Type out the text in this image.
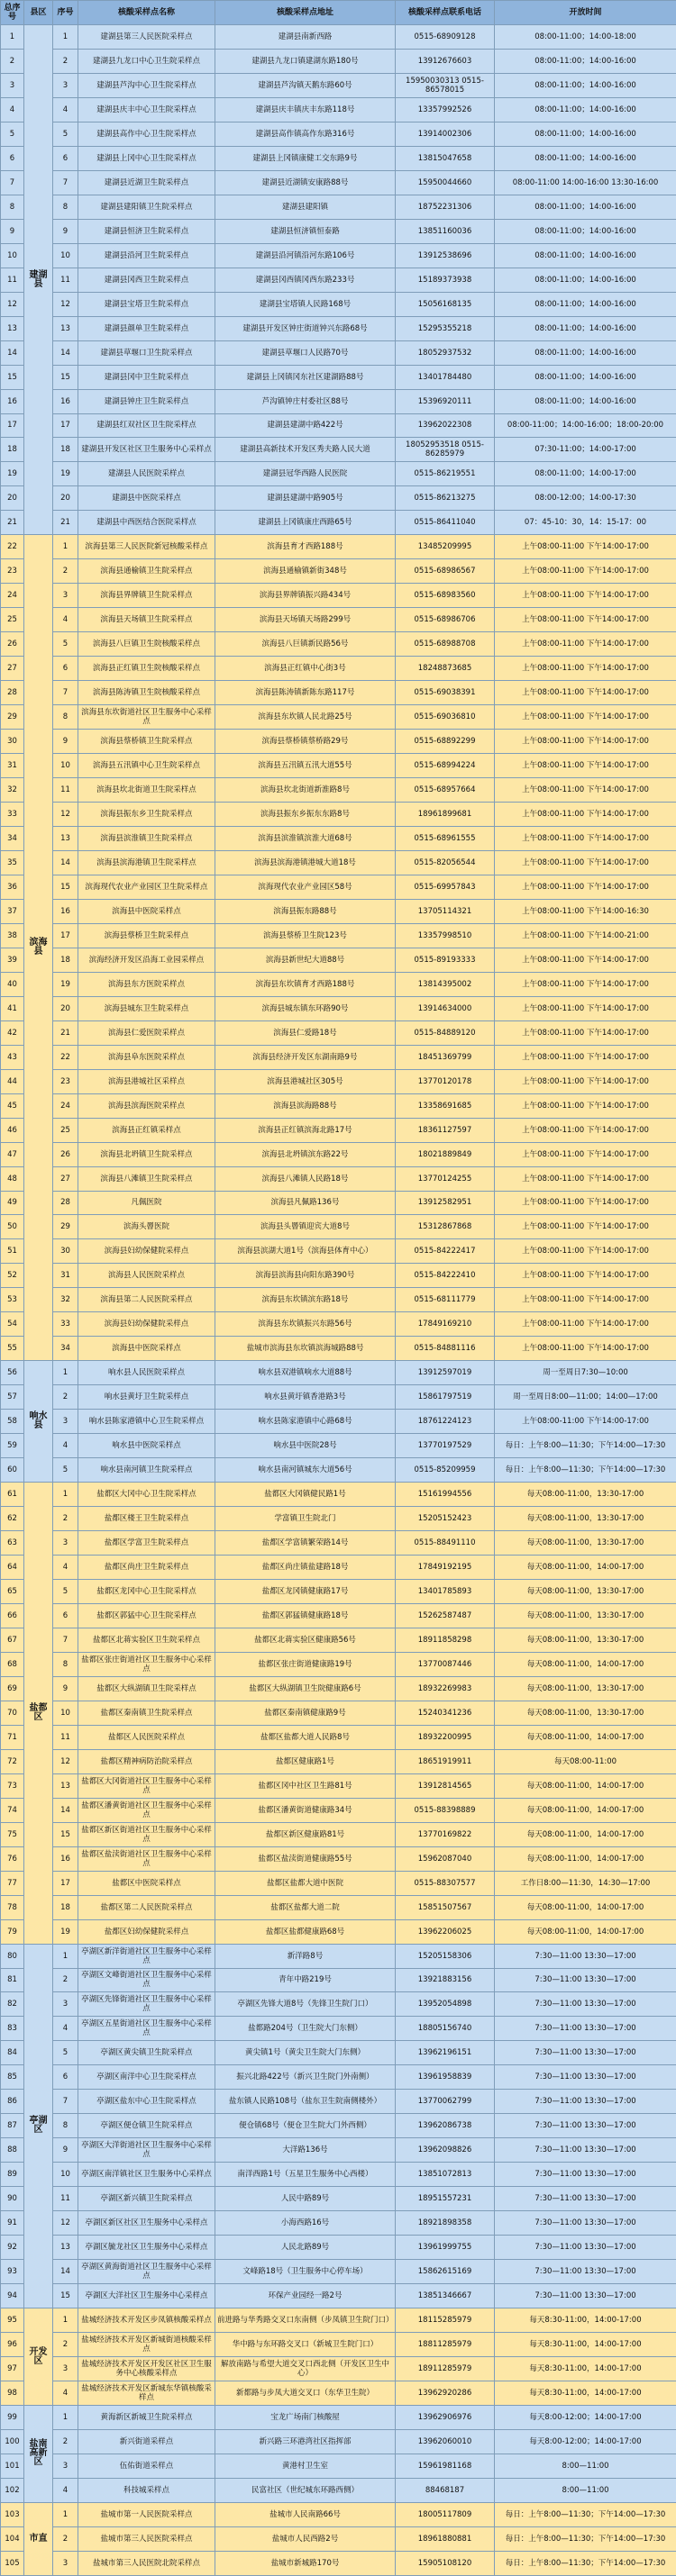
总序号	县区	序号	核酸采样点名称	核酸采样点地址	核酸采样点联系电话	开放时间
1	建湖县	1	建湖县第三人民医院采样点	建湖县南新西路	0515-68909128	08:00-11:00；14:00-18:00
2		2	建湖县九龙口中心卫生院采样点	建湖县九龙口镇建湖东路180号	13912676603	08:00-11:00；14:00-16:00
3		3	建湖县芦沟中心卫生院采样点	建湖县芦沟镇天鹅东路60号	15950030313 0515-86578015	08:00-11:00；14:00-16:00
4		4	建湖县庆丰中心卫生院采样点	建湖县庆丰镇庆丰东路118号	13357992526	08:00-11:00；14:00-16:00
5		5	建湖县高作中心卫生院采样点	建湖县高作镇高作东路316号	13914002306	08:00-11:00；14:00-16:00
6		6	建湖县上冈中心卫生院采样点	建湖县上冈镇康健工交东路9号	13815047658	08:00-11:00；14:00-16:00
7		7	建湖县近湖卫生院采样点	建湖县近湖镇安康路88号	15950044660	08:00-11:00 14:00-16:00 13:30-16:00
8		8	建湖县建阳镇卫生院采样点	建湖县建阳镇	18752231306	08:00-11:00；14:00-16:00
9		9	建湖县恒济卫生院采样点	建湖县恒济镇恒泰路	13851160036	08:00-11:00；14:00-16:00
10		10	建湖县沿河卫生院采样点	建湖县沿河镇沿河东路106号	13912538696	08:00-11:00；14:00-16:00
11		11	建湖县冈西卫生院采样点	建湖县冈西镇冈西东路233号	15189373938	08:00-11:00；14:00-16:00
12		12	建湖县宝塔卫生院采样点	建湖县宝塔镇人民路168号	15056168135	08:00-11:00；14:00-16:00
13		13	建湖县颜单卫生院采样点	建湖县开发区钟庄街道钟兴东路68号	15295355218	08:00-11:00；14:00-16:00
14		14	建湖县草堰口卫生院采样点	建湖县草堰口人民路70号	18052937532	08:00-11:00；14:00-16:00
15		15	建湖县冈中卫生院采样点	建湖县上冈镇冈东社区建湖路88号	13401784480	08:00-11:00；14:00-16:00
16		16	建湖县钟庄卫生院采样点	芦沟镇钟庄村委社区88号	15396920111	08:00-11:00；14:00-16:00
17		17	建湖县红双社区卫生院采样点	建湖县建湖中路422号	13962022308	08:00-11:00；14:00-16:00；18:00-20:00
18		18	建湖县开发区社区卫生服务中心采样点	建湖县高新技术开发区秀夫路人民大道	18052953518 0515-86285979	07:30-11:00；14:00-17:00
19		19	建湖县人民医院采样点	建湖县冠华西路人民医院	0515-86219551	08:00-11:00；14:00-17:00
20		20	建湖县中医院采样点	建湖县建湖中路905号	0515-86213275	08:00-12:00；14:00-17:30
21		21	建湖县中西医结合医院采样点	建湖县上冈镇康庄西路65号	0515-86411040	07：45-10：30，14：15-17：00
22	滨海县	1	滨海县第三人民医院新冠核酸采样点	滨海县育才西路188号	13485209995	上午08:00-11:00 下午14:00-17:00
23		2	滨海县通榆镇卫生院采样点	滨海县通榆镇新街348号	0515-68986567	上午08:00-11:00 下午14:00-17:00
24		3	滨海县界牌镇卫生院采样点	滨海县界牌镇振兴路434号	0515-68983560	上午08:00-11:00 下午14:00-17:00
25		4	滨海县天场镇卫生院采样点	滨海县天场镇天场路299号	0515-68986706	上午08:00-11:00 下午14:00-17:00
26		5	滨海县八巨镇卫生院核酸采样点	滨海县八巨镇新民路56号	0515-68988708	上午08:00-11:00 下午14:00-17:00
27		6	滨海县正红镇卫生院核酸采样点	滨海县正红镇中心街3号	18248873685	上午08:00-11:00 下午14:00-17:00
28		7	滨海县陈涛镇卫生院核酸采样点	滨海县陈涛镇新陈东路117号	0515-69038391	上午08:00-11:00 下午14:00-17:00
29		8	滨海县东坎街道社区卫生服务中心采样点	滨海县东坎镇人民北路25号	0515-69036810	上午08:00-11:00 下午14:00-17:00
30		9	滨海县蔡桥镇卫生院采样点	滨海县蔡桥镇蔡桥路29号	0515-68892299	上午08:00-11:00 下午14:00-17:00
31		10	滨海县五汛镇中心卫生院采样点	滨海县五汛镇五汛大道55号	0515-68994224	上午08:00-11:00 下午14:00-17:00
32		11	滨海县坎北街道卫生院采样点	滨海县坎北街道新淮路8号	0515-68957664	上午08:00-11:00 下午14:00-17:00
33		12	滨海县振东乡卫生院采样点	滨海县振东乡振东东路8号	18961899681	上午08:00-11:00 下午14:00-17:00
34		13	滨海县滨淮镇卫生院采样点	滨海县滨淮镇滨淮大道68号	0515-68961555	上午08:00-11:00 下午14:00-17:00
35		14	滨海县滨海港镇卫生院采样点	滨海县滨海港镇港城大道18号	0515-82056544	上午08:00-11:00 下午14:00-17:00
36		15	滨海现代农业产业园区卫生院采样点	滨海现代农业产业园区58号	0515-69957843	上午08:00-11:00 下午14:00-17:00
37		16	滨海县中医院采样点	滨海县振东路88号	13705114321	上午08:00-11:00 下午14:00-16:30
38		17	滨海县蔡桥卫生院采样点	滨海县蔡桥卫生院123号	13357998510	上午08:00-11:00 下午14:00-21:00
39		18	滨海经济开发区沿海工业园采样点	滨海县新世纪大道88号	0515-89193333	上午08:00-11:00 下午14:00-17:00
40		19	滨海县东方医院采样点	滨海县东坎镇育才西路188号	13814395002	上午08:00-11:00 下午14:00-17:00
41		20	滨海县城东卫生院采样点	滨海县城东镇东环路90号	13914634000	上午08:00-11:00 下午14:00-17:00
42		21	滨海县仁爱医院采样点	滨海县仁爱路18号	0515-84889120	上午08:00-11:00 下午14:00-17:00
43		22	滨海县阜东医院采样点	滨海县经济开发区东湖南路9号	18451369799	上午08:00-11:00 下午14:00-17:00
44		23	滨海县港城社区采样点	滨海县港城社区305号	13770120178	上午08:00-11:00 下午14:00-17:00
45		24	滨海县滨海医院采样点	滨海县滨海路88号	13358691685	上午08:00-11:00 下午14:00-17:00
46		25	滨海县正红镇采样点	滨海县正红镇滨海北路17号	18361127597	上午08:00-11:00 下午14:00-17:00
47		26	滨海县北坍镇卫生院采样点	滨海县北坍镇滨东路22号	18021889849	上午08:00-11:00 下午14:00-17:00
48		27	滨海县八滩镇卫生院采样点	滨海县八滩镇人民路18号	13770124255	上午08:00-11:00 下午14:00-17:00
49		28	凡佩医院	滨海县凡佩路136号	13912582951	上午08:00-11:00 下午14:00-17:00
50		29	滨海头罾医院	滨海县头罾镇迎宾大道8号	15312867868	上午08:00-11:00 下午14:00-17:00
51		30	滨海县妇幼保健院采样点	滨海县滨湖大道1号（滨海县体育中心）	0515-84222417	上午08:00-11:00 下午14:00-17:00
52		31	滨海县人民医院采样点	滨海县滨海县向阳东路390号	0515-84222410	上午08:00-11:00 下午14:00-17:00
53		32	滨海县第二人民医院采样点	滨海县东坎镇滨东路18号	0515-68111779	上午08:00-11:00 下午14:00-17:00
54		33	滨海县妇幼保健院采样点	滨海县东坎镇振兴东路56号	17849169210	上午08:00-11:00 下午14:00-17:00
55		34	滨海县中医院采样点	盐城市滨海县东坎镇滨海城路88号	0515-84881116	上午08:00-11:00 下午14:00-17:00
56	响水县	1	响水县人民医院采样点	响水县双港镇响水大道88号	13912597019	周一至周日7:30—10:00
57		2	响水县黄圩卫生院采样点	响水县黄圩镇香港路3号	15861797519	周一至周日8:00—11:00；14:00—17:00
58		3	响水县陈家港镇中心卫生院采样点	响水县陈家港镇中心路68号	18761224123	上午08:00-11:00 下午14:00-17:00
59		4	响水县中医院采样点	响水县中医院28号	13770197529	每日：上午8:00—11:30；下午14:00—17:30
60		5	响水县南河镇卫生院采样点	响水县南河镇城东大道56号	0515-85209959	每日：上午8:00—11:30；下午14:00—17:30
61	盐都区	1	盐都区大冈中心卫生院采样点	盐都区大冈镇健民路1号	15161994556	每天08:00-11:00，13:30-17:00
62		2	盐都区楼王卫生院采样点	学富镇卫生院北门	15205152423	每天08:00-11:00，13:30-17:00
63		3	盐都区学富卫生院采样点	盐都区学富镇繁荣路14号	0515-88491110	每天08:00-11:00，13:30-17:00
64		4	盐都区尚庄卫生院采样点	盐都区尚庄镇盐建路18号	17849192195	每天08:00-11:00，14:00-17:00
65		5	盐都区龙冈中心卫生院采样点	盐都区龙冈镇健康路17号	13401785893	每天08:00-11:00，13:30-17:00
66		6	盐都区郭猛中心卫生院采样点	盐都区郭猛镇健康路18号	15262587487	每天08:00-11:00，13:30-17:00
67		7	盐都区北蒋实验区卫生院采样点	盐都区北蒋实验区健康路56号	18911858298	每天08:00-11:00，13:30-17:00
68		8	盐都区张庄街道社区卫生服务中心采样点	盐都区张庄街道健康路19号	13770087446	每天08:00-11:00，14:00-17:00
69		9	盐都区大纵湖镇卫生院采样点	盐都区大纵湖镇卫生院健康路6号	18932269983	每天08:00-11:00，13:30-17:00
70		10	盐都区秦南镇卫生院采样点	盐都区秦南镇健康路9号	15240341236	每天08:00-11:00，13:30-17:00
71		11	盐都区人民医院采样点	盐都区盐都大道人民路8号	18932200995	每天08:00-11:00，14:00-17:00
72		12	盐都区精神病防治院采样点	盐都区健康路1号	18651919911	每天08:00-11:00
73		13	盐都区大冈街道社区卫生服务中心采样点	盐都区冈中社区卫生路81号	13912814565	每天08:00-11:00，14:00-17:00
74		14	盐都区潘黄街道社区卫生服务中心采样点	盐都区潘黄街道健康路34号	0515-88398889	每天08:00-11:00，14:00-17:00
75		15	盐都区新区街道社区卫生服务中心采样点	盐都区新区健康路81号	13770169822	每天08:00-11:00，14:00-17:00
76		16	盐都区盐渎街道社区卫生服务中心采样点	盐都区盐渎街道健康路55号	15962087040	每天08:00-11:00，14:00-17:00
77		17	盐都区中医院采样点	盐都区盐都大道中医院	0515-88307577	工作日8:00—11:30，14:30—17:00
78		18	盐都区第二人民医院采样点	盐都区盐都大道二院	15851507567	每天08:00-11:00，14:00-17:00
79		19	盐都区妇幼保健院采样点	盐都区盐都健康路68号	13962206025	每天08:00-11:00，14:00-17:00
80	亭湖区	1	亭湖区新洋街道社区卫生服务中心采样点	新洋路8号	15205158306	7:30—11:00 13:30—17:00
81		2	亭湖区文峰街道社区卫生服务中心采样点	青年中路219号	13921883156	7:30—11:00 13:30—17:00
82		3	亭湖区先锋街道社区卫生服务中心采样点	亭湖区先锋大道8号（先锋卫生院门口）	13952054898	7:30—11:00 13:30—17:00
83		4	亭湖区五星街道社区卫生服务中心采样点	盐都路204号（卫生院大门东侧）	18805156740	7:30—11:00 13:30—17:00
84		5	亭湖区黄尖镇卫生院采样点	黄尖镇1号（黄尖卫生院大门东侧）	13962196151	7:30—11:00 13:30—17:00
85		6	亭湖区南洋中心卫生院采样点	振兴北路422号（新兴卫生院门外南侧）	13961958839	7:30—11:00 13:30—17:00
86		7	亭湖区盐东中心卫生院采样点	盐东镇人民路108号（盐东卫生院南侧楼外）	13770062799	7:30—11:00 13:30—17:00
87		8	亭湖区便仓镇卫生院采样点	便仓镇68号（便仓卫生院大门外西侧）	13962086738	7:30—11:00 13:30—17:00
88		9	亭湖区大洋街道社区卫生服务中心采样点	大洋路136号	13962098826	7:30—11:00 13:30—17:00
89		10	亭湖区南洋镇社区卫生服务中心采样点	南洋西路1号（五星卫生服务中心西楼）	13851072813	7:30—11:00 13:30—17:00
90		11	亭湖区新兴镇卫生院采样点	人民中路89号	18951557231	7:30—11:00 13:30—17:00
91		12	亭湖区新区社区卫生服务中心采样点	小海西路16号	18921898358	7:30—11:00 13:30—17:00
92		13	亭湖区毓龙社区卫生服务中心采样点	人民北路89号	13961999755	7:30—11:00 13:30—17:00
93		14	亭湖区黄海街道社区卫生服务中心采样点	文峰路18号（卫生服务中心停车场）	15862615169	7:30—11:00 13:30—17:00
94		15	亭湖区大洋社区卫生服务中心采样点	环保产业园经一路2号	13851346667	7:30—11:00 13:30—17:00
95	开发区	1	盐城经济技术开发区步凤镇核酸采样点	前进路与华秀路交叉口东南侧（步凤镇卫生院门口）	18115285979	每天8:30-11:00，14:00-17:00
96		2	盐城经济技术开发区新城街道核酸采样点	华中路与东环路交叉口（新城卫生院门口）	18811285979	每天8:30-11:00，14:00-17:00
97		3	盐城经济技术开发区开发区社区卫生服务中心核酸采样点	解放南路与希望大道交叉口西北侧（开发区卫生中心）	18911285979	每天8:30-11:00，14:00-17:00
98		4	盐城经济技术开发区新城东华镇核酸采样点	新都路与步凤大道交叉口（东华卫生院）	13962920286	每天8:30-11:00，14:00-17:00
99	盐南高新区	1	黄海新区新城卫生院采样点	宝龙广场南门核酸屋	13962906976	每天8:00-12:00；14:00-17:00
100		2	新兴街道采样点	新兴路三环港湾社区指挥部	13962060010	每天8:00-12:00；14:00-17:00
101		3	伍佑街道采样点	黄港村卫生室	15961981168	8:00—11:00
102		4	科技城采样点	民富社区（世纪城东环路西侧）	88468187	8:00—11:00
103	市直	1	盐城市第一人民医院采样点	盐城市人民南路66号	18005117809	每日：上午8:00—11:30；下午14:00—17:30
104		2	盐城市第三人民医院采样点	盐城市人民西路2号	18961880881	每日：上午8:00—11:30；下午14:00—17:30
105		3	盐城市第三人民医院北院采样点	盐城市新城路170号	15905108120	每日：上午8:00—11:30；下午14:00—17:30
